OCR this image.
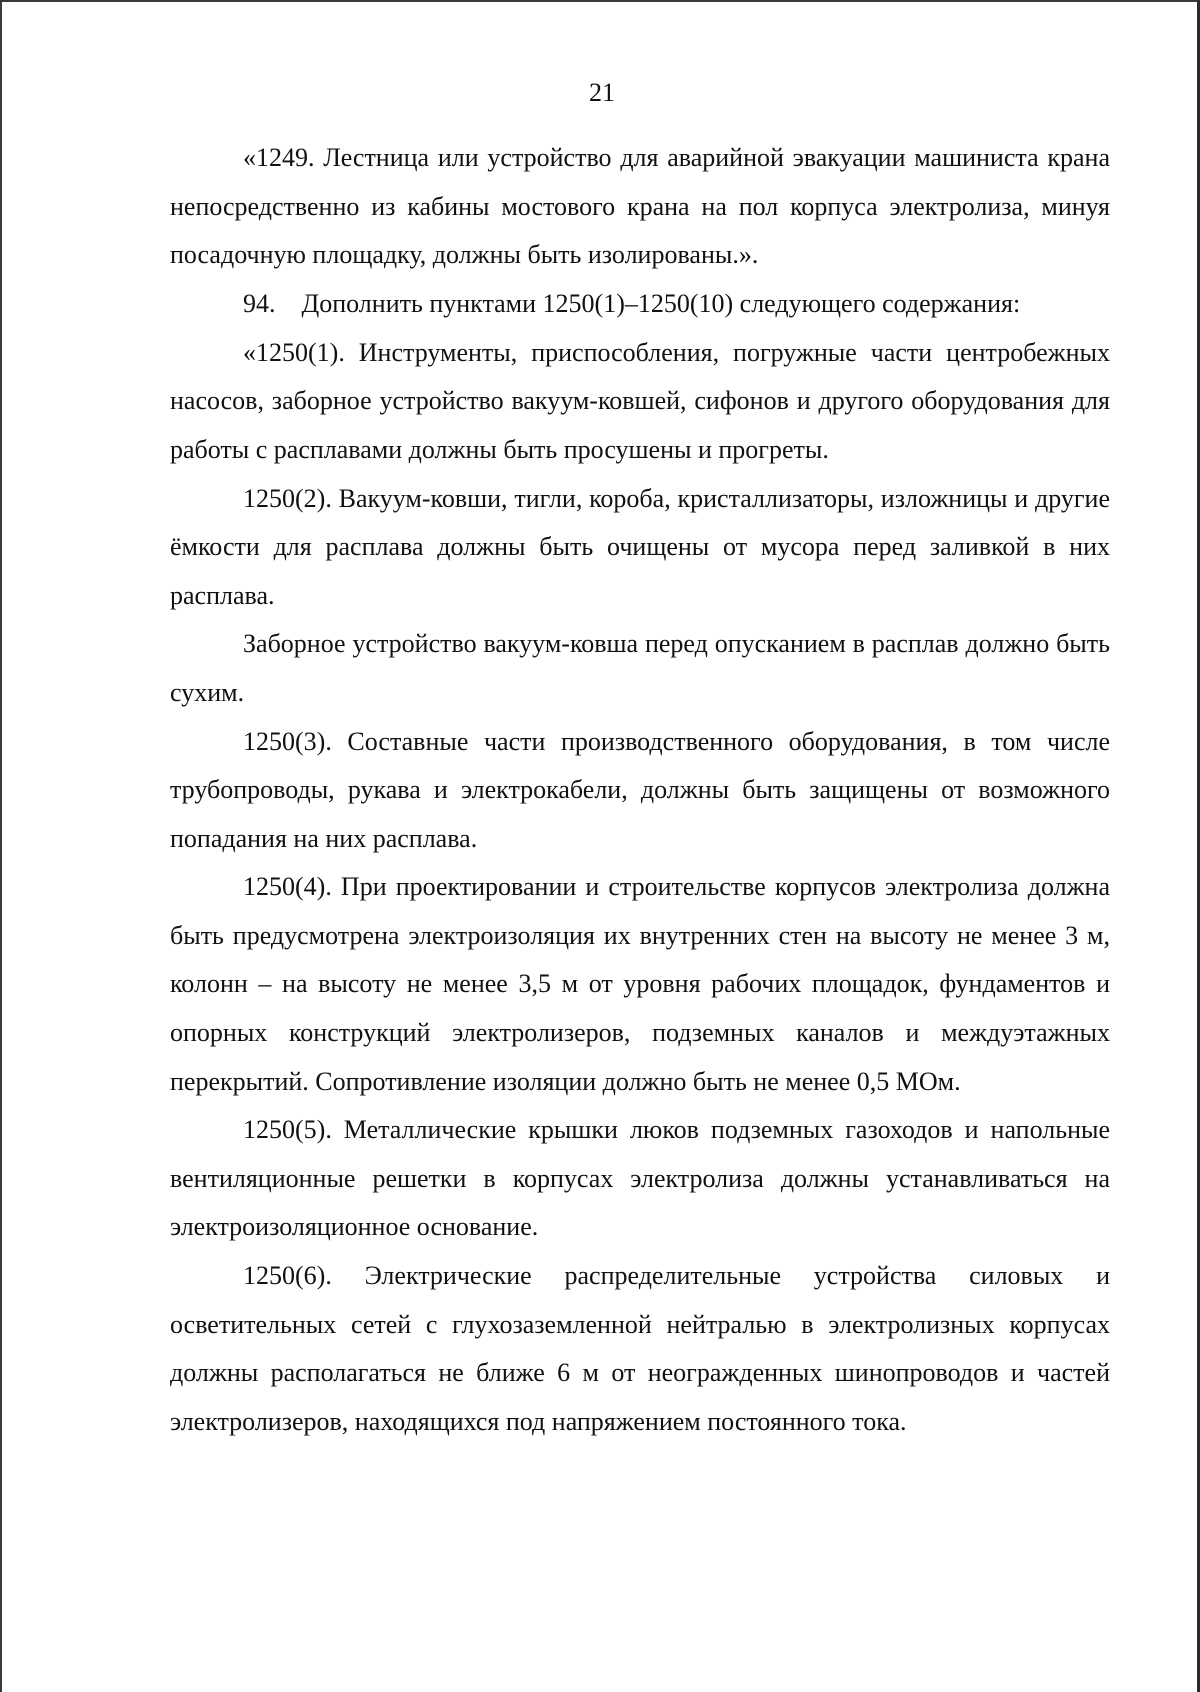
21

«1249. Лестница или устройство для аварийной эвакуации машиниста крана непосредственно из кабины мостового крана на пол корпуса электролиза, минуя посадочную площадку, должны быть изолированы.».

94. Дополнить пунктами 1250(1)–1250(10) следующего содержания:

«1250(1). Инструменты, приспособления, погружные части центробежных насосов, заборное устройство вакуум-ковшей, сифонов и другого оборудования для работы с расплавами должны быть просушены и прогреты.

1250(2). Вакуум-ковши, тигли, короба, кристаллизаторы, изложницы и другие ёмкости для расплава должны быть очищены от мусора перед заливкой в них расплава.

Заборное устройство вакуум-ковша перед опусканием в расплав должно быть сухим.

1250(3). Составные части производственного оборудования, в том числе трубопроводы, рукава и электрокабели, должны быть защищены от возможного попадания на них расплава.

1250(4). При проектировании и строительстве корпусов электролиза должна быть предусмотрена электроизоляция их внутренних стен на высоту не менее 3 м, колонн – на высоту не менее 3,5 м от уровня рабочих площадок, фундаментов и опорных конструкций электролизеров, подземных каналов и междуэтажных перекрытий. Сопротивление изоляции должно быть не менее 0,5 МОм.

1250(5). Металлические крышки люков подземных газоходов и напольные вентиляционные решетки в корпусах электролиза должны устанавливаться на электроизоляционное основание.

1250(6). Электрические распределительные устройства силовых и осветительных сетей с глухозаземленной нейтралью в электролизных корпусах должны располагаться не ближе 6 м от неогражденных шинопроводов и частей электролизеров, находящихся под напряжением постоянного тока.
